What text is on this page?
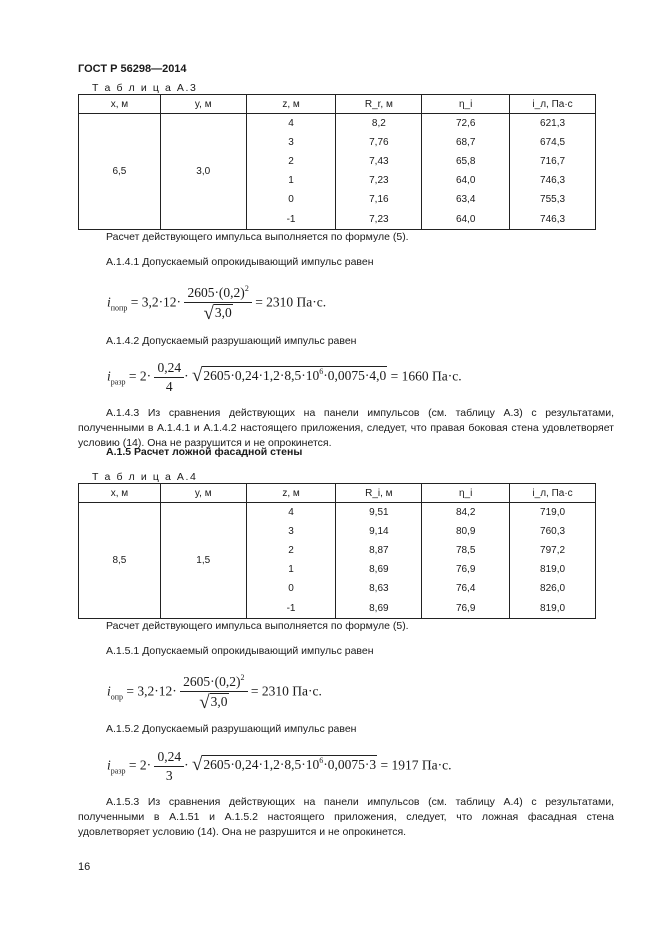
ГОСТ Р 56298—2014
Т а б л и ц а А.3
x, м	y, м	z, м	R_r, м	η_i	i_л, Па·с
6,5	3,0	4	8,2	72,6	621,3
		3	7,76	68,7	674,5
		2	7,43	65,8	716,7
		1	7,23	64,0	746,3
		0	7,16	63,4	755,3
		-1	7,23	64,0	746,3
Расчет действующего импульса выполняется по формуле (5).
А.1.4.1 Допускаемый опрокидывающий импульс равен
$i_{попр} = 3,2\cdot 12\cdot \frac{2605\cdot(0,2)^2}{√ 3,0} = 2310$ Па·с.
А.1.4.2 Допускаемый разрушающий импульс равен
$i_{разр} = 2\cdot \frac{0,24}{4}$ · √ $2605\cdot 0,24\cdot 1,2\cdot 8,5\cdot 10^6\cdot 0,0075\cdot 4,0 = 1660$ Па·с.
А.1.4.3 Из сравнения действующих на панели импульсов (см. таблицу А.3) с результатами, полученными в А.1.4.1 и А.1.4.2 настоящего приложения, следует, что правая боковая стена удовлетворяет условию (14). Она не разрушится и не опрокинется.
А.1.5 Расчет ложной фасадной стены
Т а б л и ц а А.4
x, м	y, м	z, м	R_i, м	η_i	i_л, Па·с
8,5	1,5	4	9,51	84,2	719,0
		3	9,14	80,9	760,3
		2	8,87	78,5	797,2
		1	8,69	76,9	819,0
		0	8,63	76,4	826,0
		-1	8,69	76,9	819,0
Расчет действующего импульса выполняется по формуле (5).
А.1.5.1 Допускаемый опрокидывающий импульс равен
$i_{опр} = 3,2\cdot 12\cdot \frac{2605\cdot(0,2)^2}{√ 3,0} = 2310$ Па·с.
А.1.5.2 Допускаемый разрушающий импульс равен
$i_{разр} = 2\cdot \frac{0,24}{3}$ · √ $2605\cdot 0,24\cdot 1,2\cdot 8,5\cdot 10^6\cdot 0,0075\cdot 3 = 1917$ Па·с.
А.1.5.3 Из сравнения действующих на панели импульсов (см. таблицу А.4) с результатами, полученными в А.1.51 и А.1.5.2 настоящего приложения, следует, что ложная фасадная стена удовлетворяет условию (14). Она не разрушится и не опрокинется.
16
